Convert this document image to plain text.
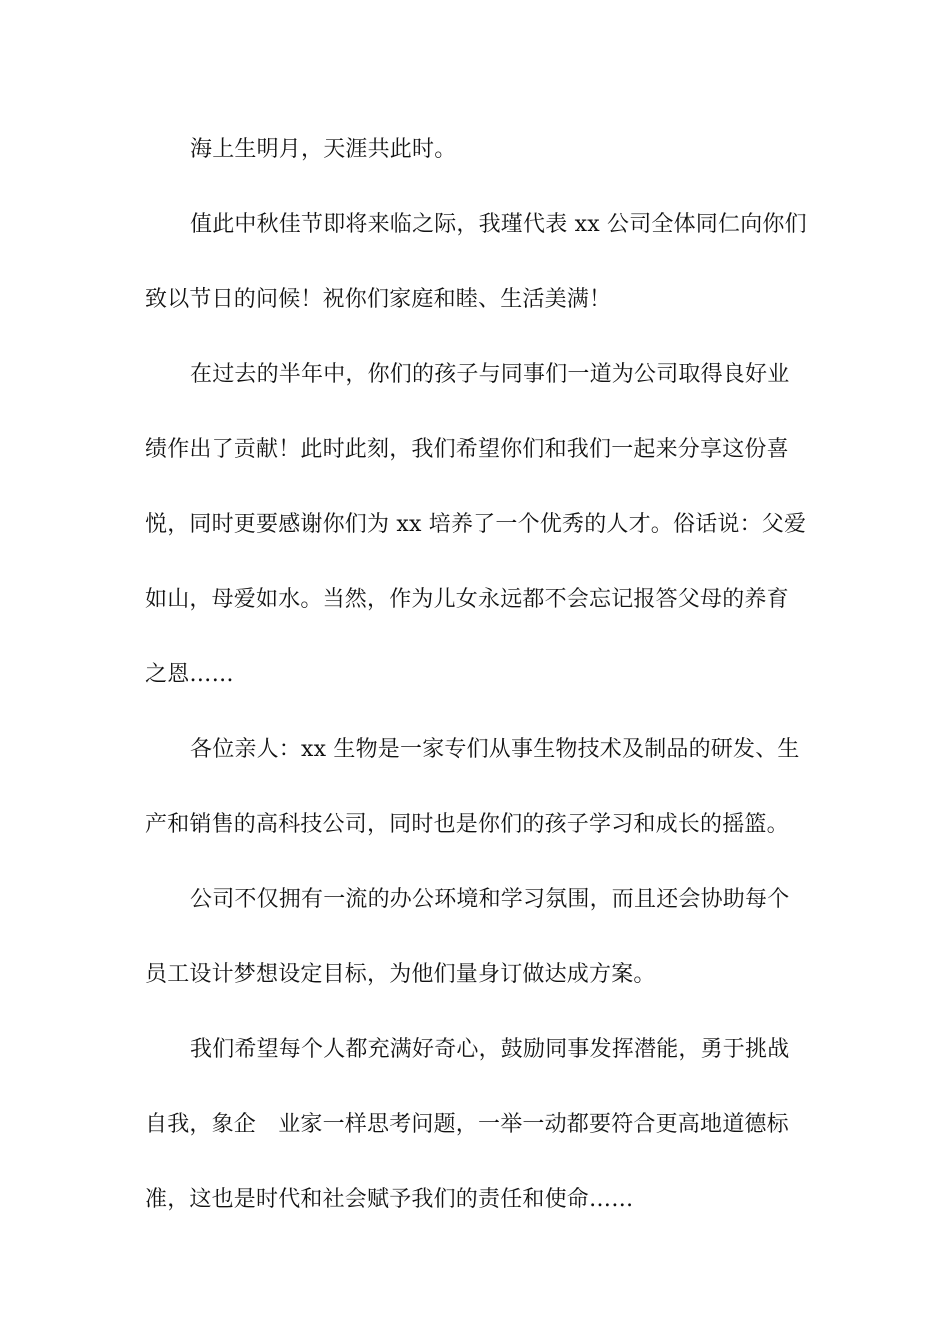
海上生明月，天涯共此时。
值此中秋佳节即将来临之际，我瑾代表 xx 公司全体同仁向你们
致以节日的问候！祝你们家庭和睦、生活美满！
在过去的半年中，你们的孩子与同事们一道为公司取得良好业
绩作出了贡献！此时此刻，我们希望你们和我们一起来分享这份喜
悦，同时更要感谢你们为 xx 培养了一个优秀的人才。俗话说：父爱
如山，母爱如水。当然，作为儿女永远都不会忘记报答父母的养育
之恩……
各位亲人：xx 生物是一家专们从事生物技术及制品的研发、生
产和销售的高科技公司，同时也是你们的孩子学习和成长的摇篮。
公司不仅拥有一流的办公环境和学习氛围，而且还会协助每个
员工设计梦想设定目标，为他们量身订做达成方案。
我们希望每个人都充满好奇心，鼓励同事发挥潜能，勇于挑战
自我，象企　业家一样思考问题，一举一动都要符合更高地道德标
准，这也是时代和社会赋予我们的责任和使命……
